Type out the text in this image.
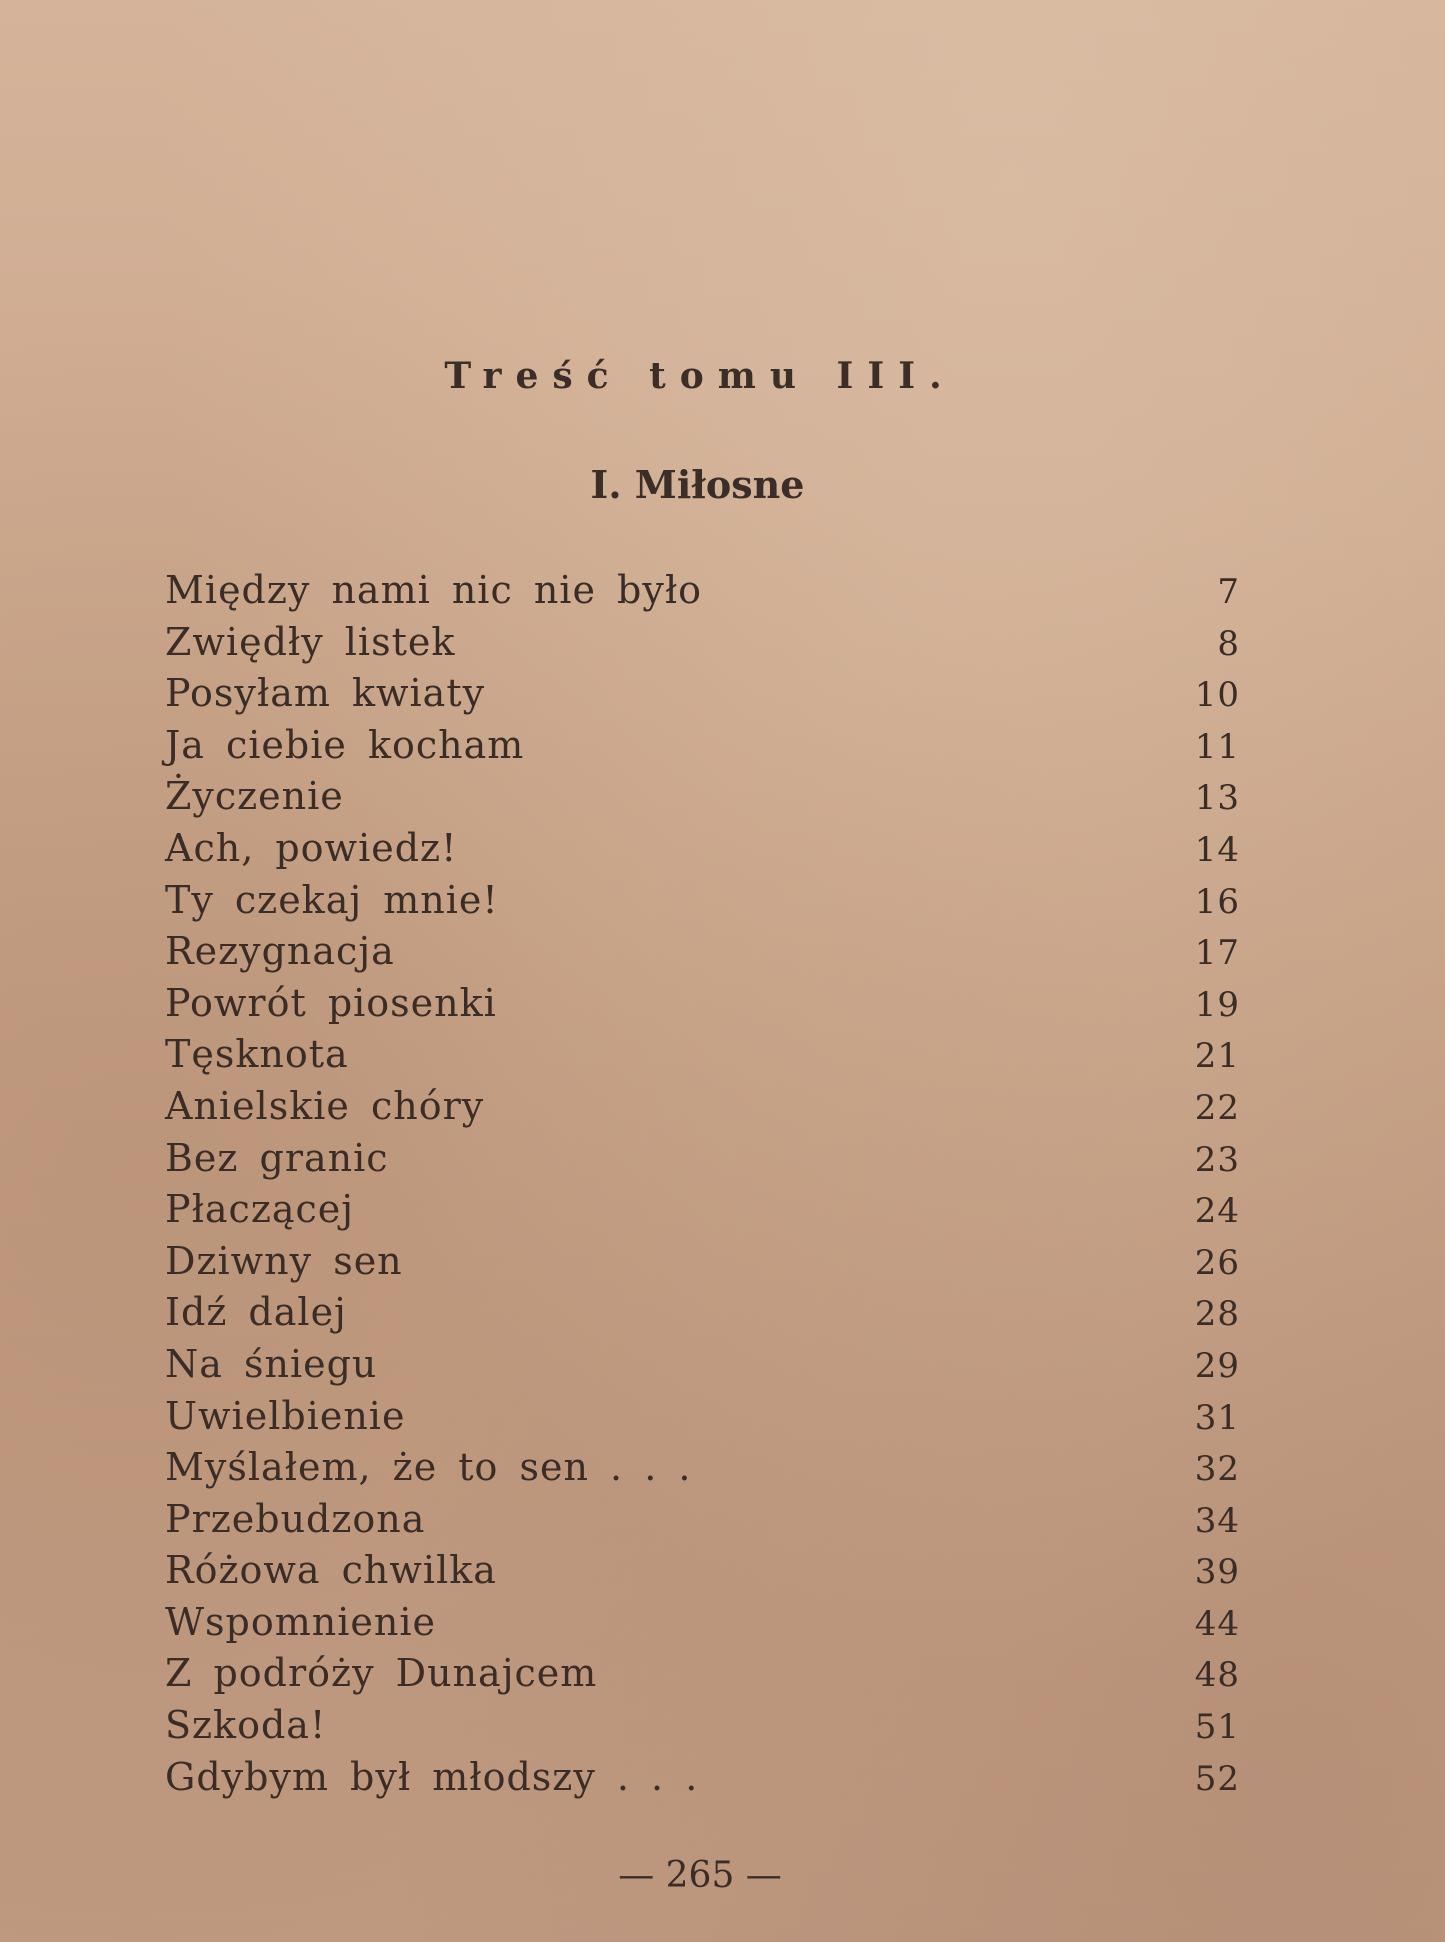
Treść tomu III.
I. Miłosne
Między nami nic nie było	7
Zwiędły listek	8
Posyłam kwiaty	10
Ja ciebie kocham	11
Życzenie	13
Ach, powiedz!	14
Ty czekaj mnie!	16
Rezygnacja	17
Powrót piosenki	19
Tęsknota	21
Anielskie chóry	22
Bez granic	23
Płaczącej	24
Dziwny sen	26
Idź dalej	28
Na śniegu	29
Uwielbienie	31
Myślałem, że to sen . . .	32
Przebudzona	34
Różowa chwilka	39
Wspomnienie	44
Z podróży Dunajcem	48
Szkoda!	51
Gdybym był młodszy . . .	52
— 265 —
